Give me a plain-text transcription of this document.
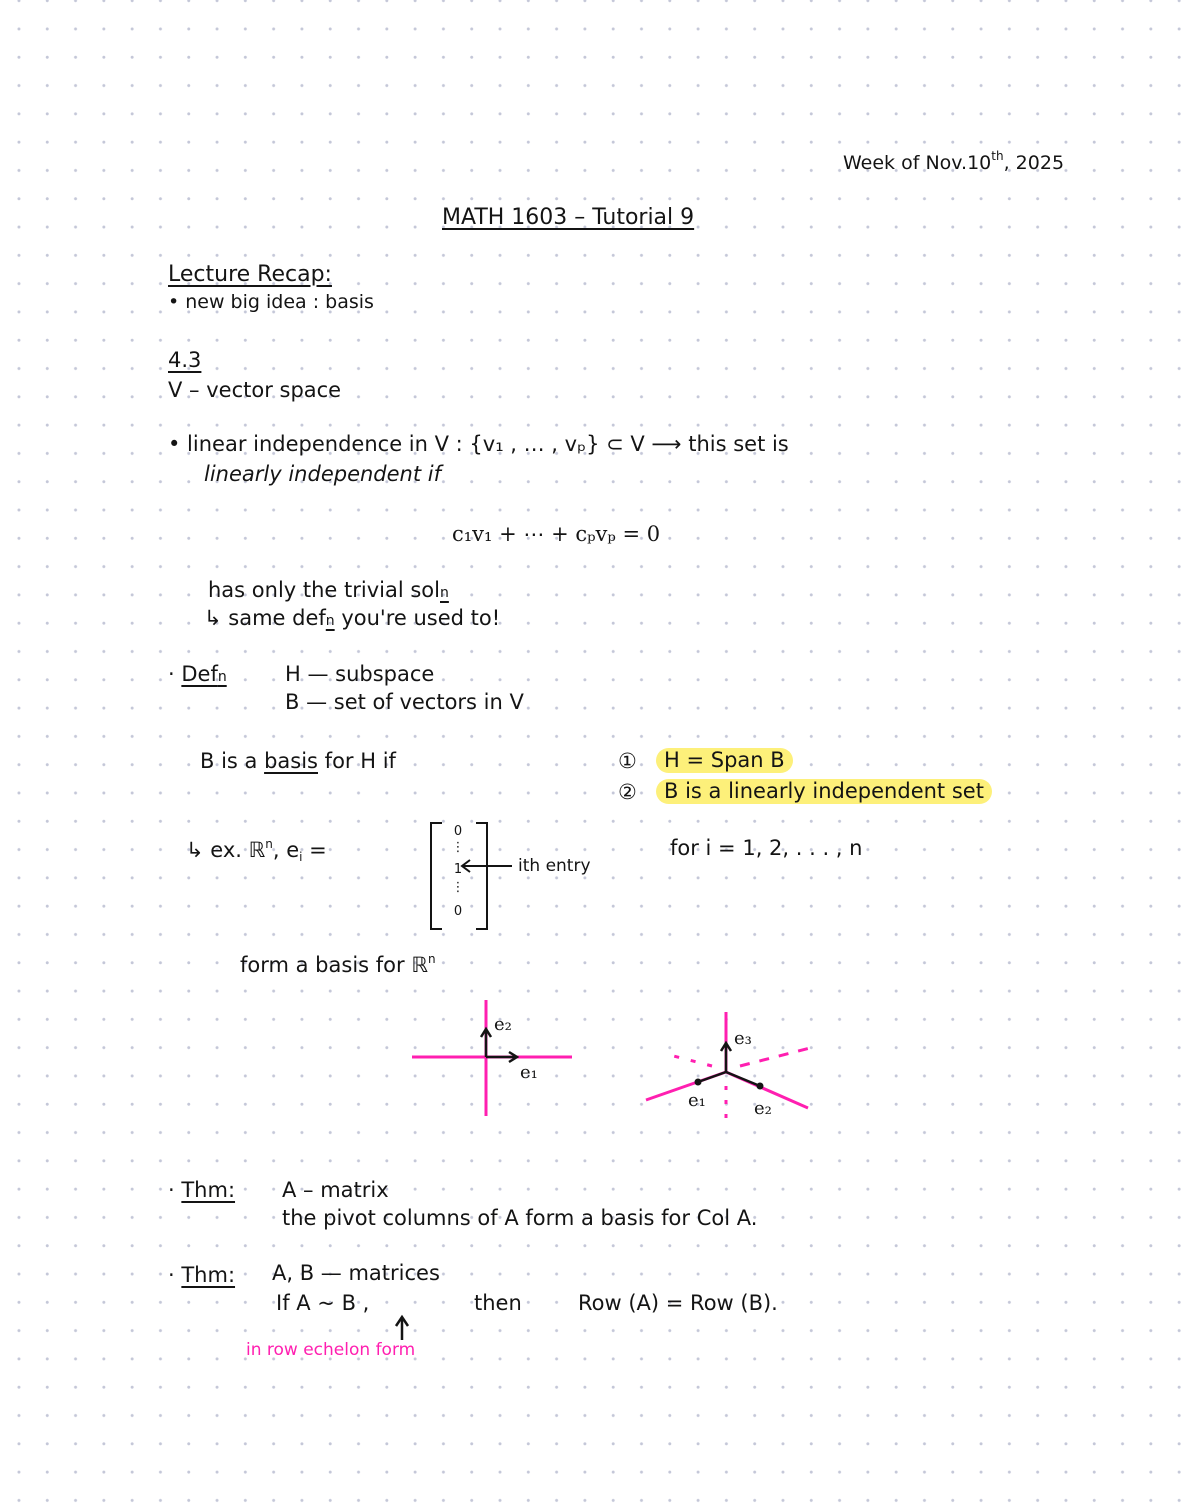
Week of Nov.10th, 2025
MATH 1603 – Tutorial 9
Lecture Recap:
• new big idea : basis
4.3
V – vector space
• linear independence in V : {v₁ , … , vₚ} ⊂ V ⟶ this set is
linearly independent if
c₁v₁ + ⋯ + cₚvₚ = 0
has only the trivial soln
↳ same defn you're used to!
· Defn	H — subspace
B — set of vectors in V
B is a basis for H if	①	H = Span B
②	B is a linearly independent set
↳ ex. ℝ$^n$, $e_i$ =
0
⋮
1
⋮
0
ith entry
for i = 1, 2, . . . , n
form a basis for ℝ$^n$
e₂
e₁
e₃
e₁	e₂
· Thm: A – matrix
the pivot columns of A form a basis for Col A.
· Thm: A, B — matrices
If A ~ B ,	then	Row (A) = Row (B).
in row echelon form
